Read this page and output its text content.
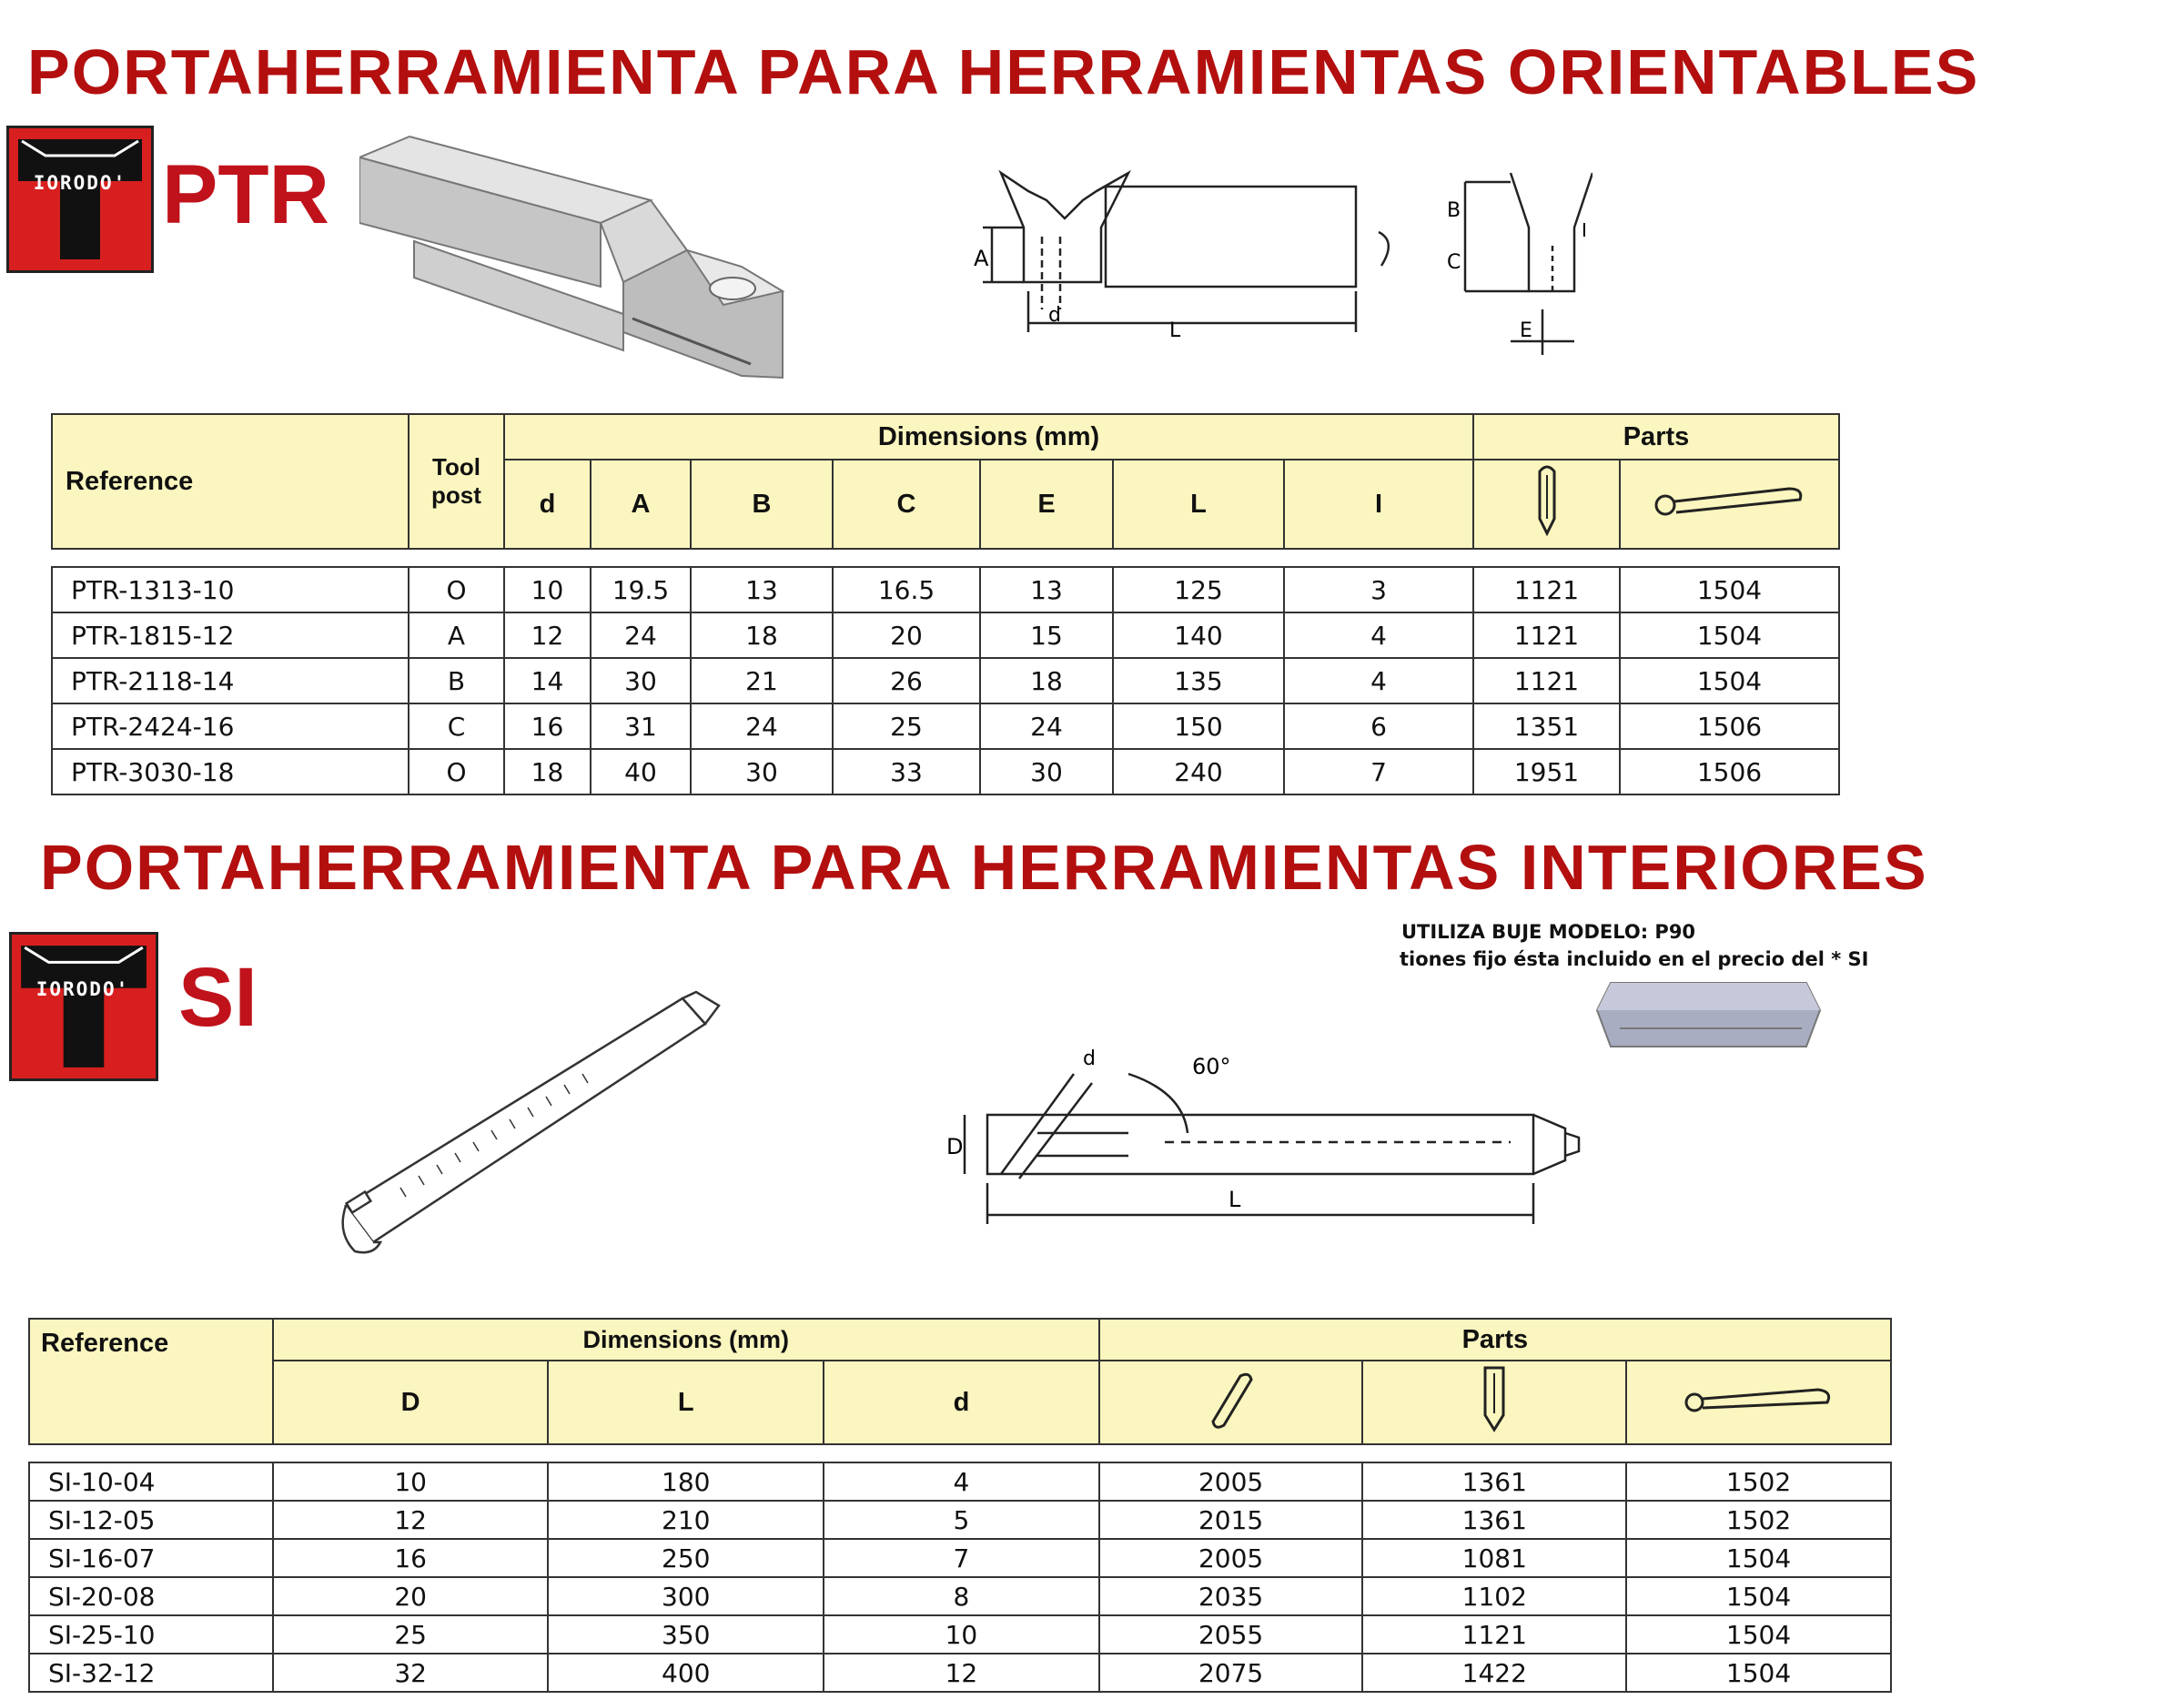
PORTAHERRAMIENTA PARA HERRAMIENTAS ORIENTABLES
IORODO' PTR
A
d
L
B
C
E
I
Reference	Tool post	Dimensions (mm)							Parts	
		d	A	B	C	E	L	I		

PTR-1313-10	O	10	19.5	13	16.5	13	125	3	1121	1504
PTR-1815-12	A	12	24	18	20	15	140	4	1121	1504
PTR-2118-14	B	14	30	21	26	18	135	4	1121	1504
PTR-2424-16	C	16	31	24	25	24	150	6	1351	1506
PTR-3030-18	O	18	40	30	33	30	240	7	1951	1506
PORTAHERRAMIENTA PARA HERRAMIENTAS INTERIORES
IORODO' SI
D
L
d	60°
UTILIZA BUJE MODELO: P90
tiones fijo ésta incluido en el precio del * SI
Reference	Dimensions (mm)			Parts		
	D	L	d			

SI-10-04	10	180	4	2005	1361	1502
SI-12-05	12	210	5	2015	1361	1502
SI-16-07	16	250	7	2005	1081	1504
SI-20-08	20	300	8	2035	1102	1504
SI-25-10	25	350	10	2055	1121	1504
SI-32-12	32	400	12	2075	1422	1504
